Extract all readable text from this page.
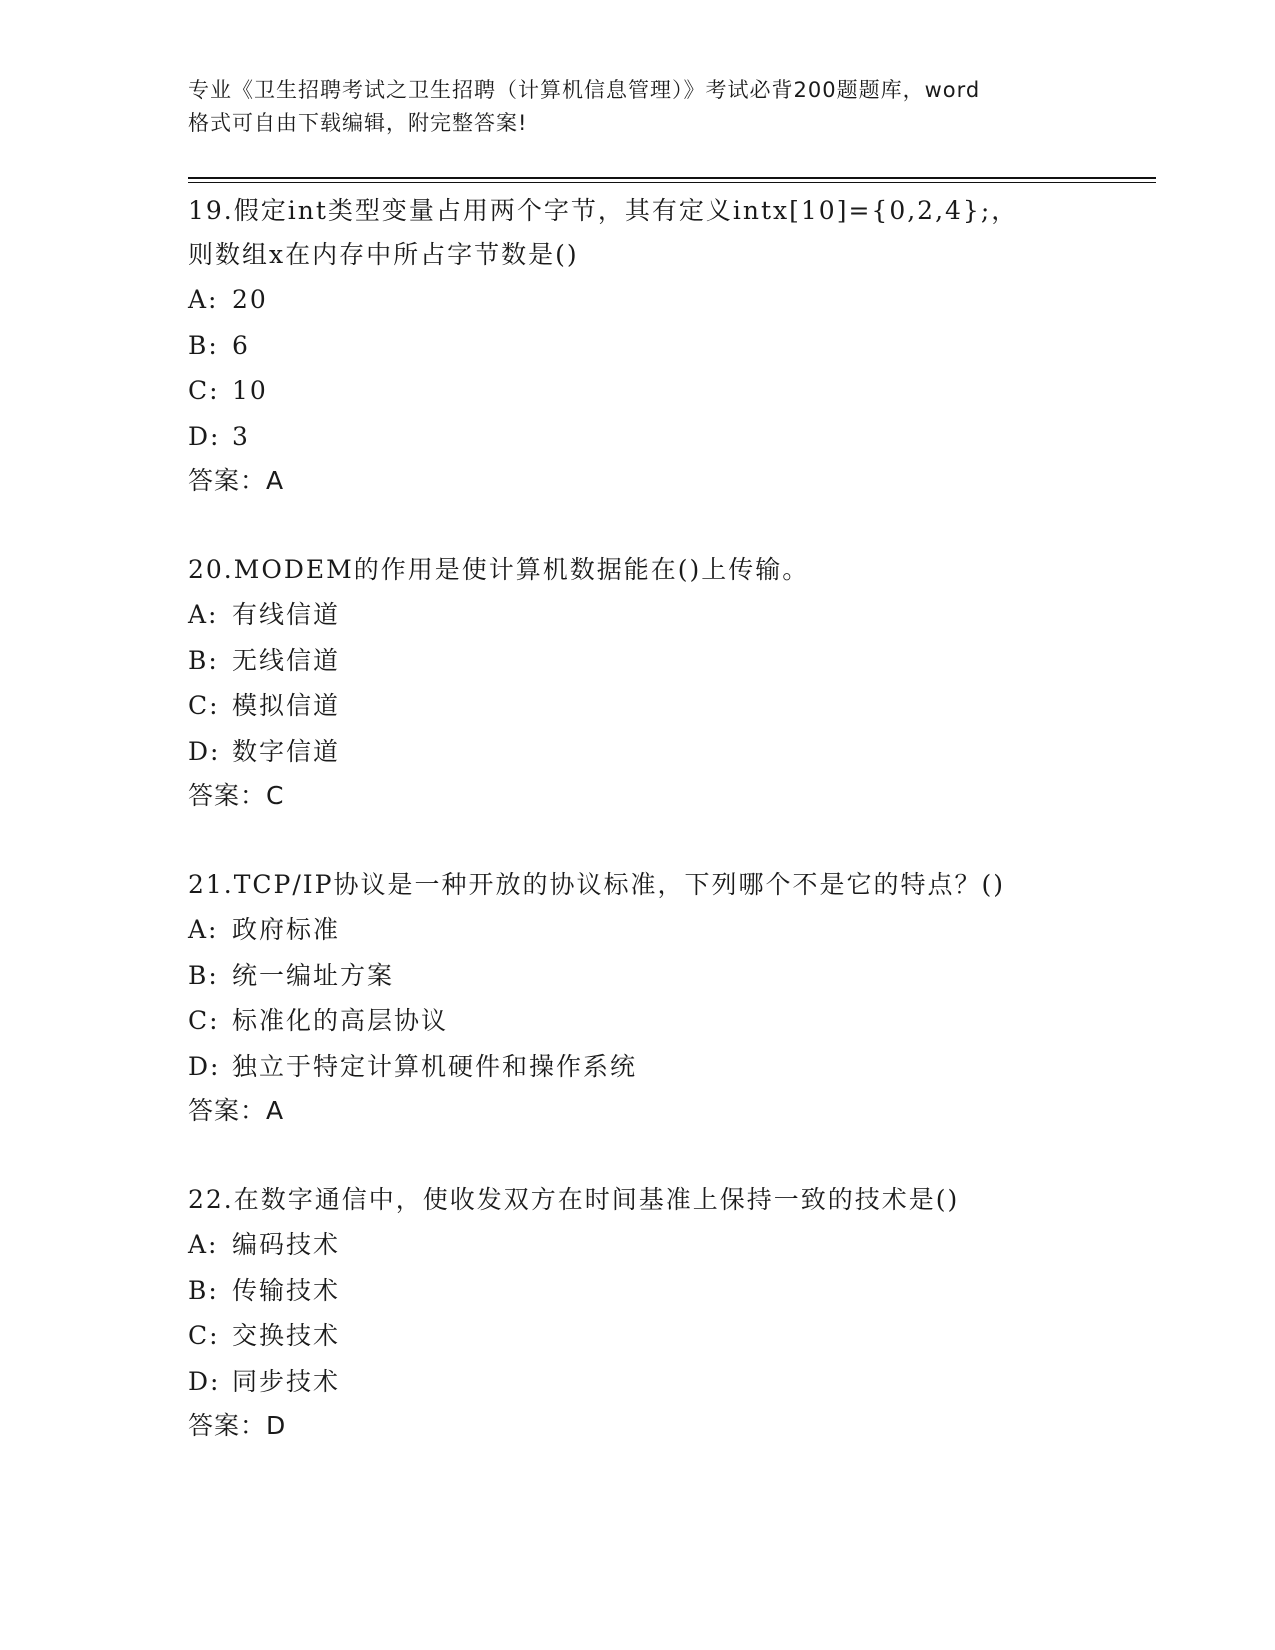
专业《卫生招聘考试之卫生招聘（计算机信息管理）》考试必背200题题库，word
格式可自由下载编辑，附完整答案!
19.假定int类型变量占用两个字节，其有定义intx[10]={0,2,4};，
则数组x在内存中所占字节数是()
A: 20
B: 6
C: 10
D: 3
答案：A
20.MODEM的作用是使计算机数据能在()上传输。
A: 有线信道
B: 无线信道
C: 模拟信道
D: 数字信道
答案：C
21.TCP/IP协议是一种开放的协议标准，下列哪个不是它的特点？()
A: 政府标准
B: 统一编址方案
C: 标准化的高层协议
D: 独立于特定计算机硬件和操作系统
答案：A
22.在数字通信中，使收发双方在时间基准上保持一致的技术是()
A: 编码技术
B: 传输技术
C: 交换技术
D: 同步技术
答案：D
